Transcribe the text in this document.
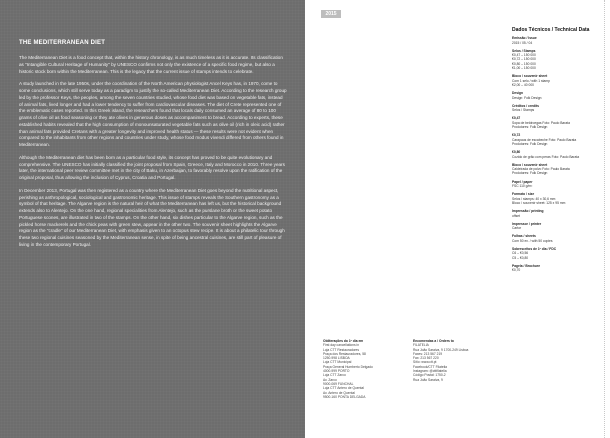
THE MEDITERRANEAN DIET

The Mediterranean Diet is a food concept that, within the history chronology, is as much timeless as it is accurate. Its classification as "Intangible Cultural Heritage of Humanity" by UNESCO confirms not only the existence of a specific food regime, but also a historic stock born within the Mediterranean. This is the legacy that the current issue of stamps intends to celebrate.

A study launched in the late 1950s, under the coordination of the North American physiologist Ancel Keys has, in 1970, come to some conclusions, which still serve today as a paradigm to justify the so-called Mediterranean Diet. According to the research group led by the professor Keys, the peoples, among the seven countries studied, whose food diet was based on vegetable fats, instead of animal fats, lived longer and had a lower tendency to suffer from cardiovascular diseases. The diet of Crete represented one of the emblematic cases reported. In this Greek island, the researchers found that locals daily consumed an average of 80 to 100 grams of olive oil as food seasoning or they ate olives in generous doses as accompaniment to bread. According to experts, these established habits revealed that the high consumption of monounsaturated vegetable fats such as olive oil (rich in oleic acid) rather than animal fats provided Cretans with a greater longevity and improved health status — these results were not evident when compared to the inhabitants from other regions and countries under study, whose food modus vivendi differed from others found in Mediterranean.

Although the Mediterranean diet has been born as a particular food style, its concept has proved to be quite evolutionary and comprehensive. The UNESCO has initially classified the joint proposal from Spain, Greece, Italy and Morocco in 2010. Three years later, the international peer review committee met in the city of Baku, in Azerbaijan, to favorably resolve upon the ratification of the original proposal, thus allowing the inclusion of Cyprus, Croatia and Portugal.

In December 2013, Portugal was then registered as a country where the Mediterranean Diet goes beyond the nutritional aspect, perishing as anthropological, sociological and gastronomic heritage. This issue of stamps reveals the Southern gastronomy as a symbol of that heritage. The Algarve region is the natural heir of what the Mediterranean has left us, but the historical background extends also to Alentejo. On the one hand, regional specialities from Alentejo, such as the purslane broth or the sweet potato Portuguese scones, are illustrated in two of the stamps. On the other hand, six dishes particular to the Algarve region, such as the pickled horse mackerels and the chick peas with green stew, appear in the other two. The souvenir sheet highlights the Algarve region as the "cradle" of our Mediterranean Diet, with emphasis given to an octopus stew recipe. It is about a philatelic tour through these two regional cuisines seasoned by the Mediterranean sense, in spite of being ancestral cuisines, are still part of pleasure of living in the contemporary Portugal.

2015
Dados Técnicos / Technical Data
Emissão / Issue
2015 / 05 / 04
Selos / Stamps
€0,47 – 150 000
€0,72 – 150 000
€0,80 – 150 000
€1,00 – 150 000
Bloco / souvenir sheet
Com 1 selo / with 1 stamp
€2,00 – 40 000
Design
Design: Folk Design
Créditos / credits
Selos / Stamps
€0,47
Sopa de beldroegas Foto: Paulo Barata
Produtores: Folk Design
€0,72
Carapaus de escabeche Foto: Paulo Barata
Produtores: Folk Design
€0,80
Cozido de grão com peras Foto: Paulo Barata
Bloco / souvenir sheet
Caldeirada de polvo Foto: Paulo Barata
Produtores: Folk Design
Papel / paper
FSC 110 g/m²
Formato / size
Selos / stamps: 40 x 30,6 mm
Bloco / souvenir sheet: 125 x 95 mm
Impressão / printing
offset
Impressor / printer
Cartor
Folhas / sheets
Com 50 ex. / with 50 copies
Sobrescritos de 1º dia / FDC
C6 – €0,56
C5 – €0,80
Pagela / Brochure
€0,70
Obliterações do 1º dia em
First day cancellations in
Loja CTT Restauradores
Praça dos Restauradores, 58
1250-998 LISBOA
Loja CTT Municipal
Praça General Humberto Delgado
4000-999 PORTO
Loja CTT Zarco
Av. Zarco
9000-069 FUNCHAL
Loja CTT Antero de Quental
Av. Antero de Quental
9500-160 PONTA DELGADA
Encomendas a / Orders to
FILATELIA
Rua João Saraiva, 9 1700-249 Lisboa
Faxes: 213 567 219
Fax: 213 567 220
Sítio: www.ctt.pt
Facebook/CTT Filatelia
Instagram: @cttfilatelia
Código Postal: 1750-2
Rua João Saraiva, 9
